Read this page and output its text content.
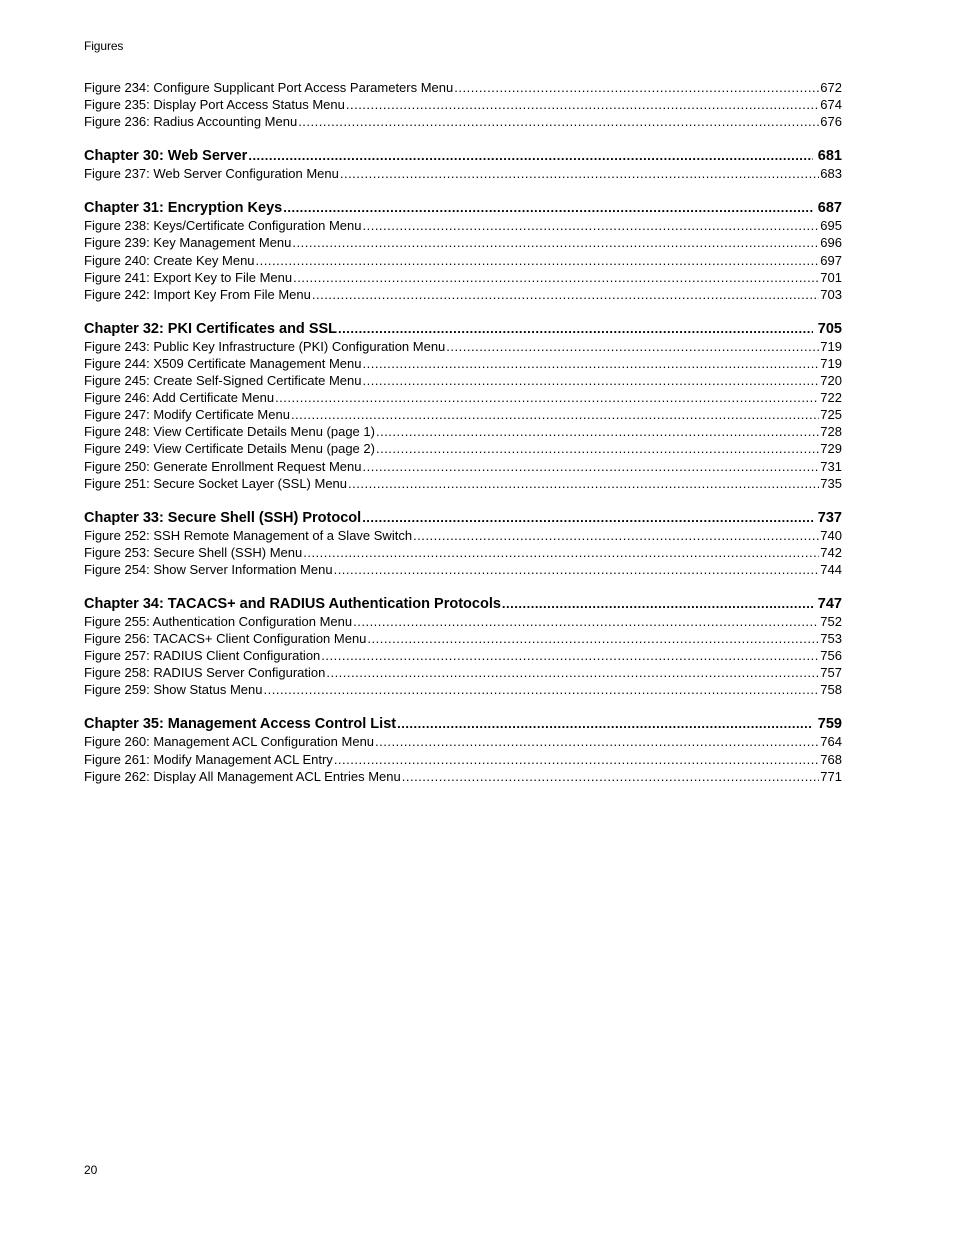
Figures
Figure 234: Configure Supplicant Port Access Parameters Menu .....	672
Figure 235: Display Port Access Status Menu .....	674
Figure 236: Radius Accounting Menu .....	676
Chapter 30: Web Server .....	681
Figure 237: Web Server Configuration Menu .....	683
Chapter 31: Encryption Keys .....	687
Figure 238: Keys/Certificate Configuration Menu .....	695
Figure 239: Key Management Menu .....	696
Figure 240: Create Key Menu .....	697
Figure 241: Export Key to File Menu .....	701
Figure 242: Import Key From File Menu .....	703
Chapter 32: PKI Certificates and SSL .....	705
Figure 243: Public Key Infrastructure (PKI) Configuration Menu .....	719
Figure 244: X509 Certificate Management Menu .....	719
Figure 245: Create Self-Signed Certificate Menu .....	720
Figure 246: Add Certificate Menu .....	722
Figure 247: Modify Certificate Menu .....	725
Figure 248: View Certificate Details Menu (page 1) .....	728
Figure 249: View Certificate Details Menu (page 2) .....	729
Figure 250: Generate Enrollment Request Menu .....	731
Figure 251: Secure Socket Layer (SSL) Menu .....	735
Chapter 33: Secure Shell (SSH) Protocol .....	737
Figure 252: SSH Remote Management of a Slave Switch .....	740
Figure 253: Secure Shell (SSH) Menu .....	742
Figure 254: Show Server Information Menu .....	744
Chapter 34: TACACS+ and RADIUS Authentication Protocols .....	747
Figure 255: Authentication Configuration Menu .....	752
Figure 256: TACACS+ Client Configuration Menu .....	753
Figure 257: RADIUS Client Configuration .....	756
Figure 258: RADIUS Server Configuration .....	757
Figure 259: Show Status Menu .....	758
Chapter 35: Management Access Control List .....	759
Figure 260: Management ACL Configuration Menu .....	764
Figure 261: Modify Management ACL Entry .....	768
Figure 262: Display All Management ACL Entries Menu .....	771
20
